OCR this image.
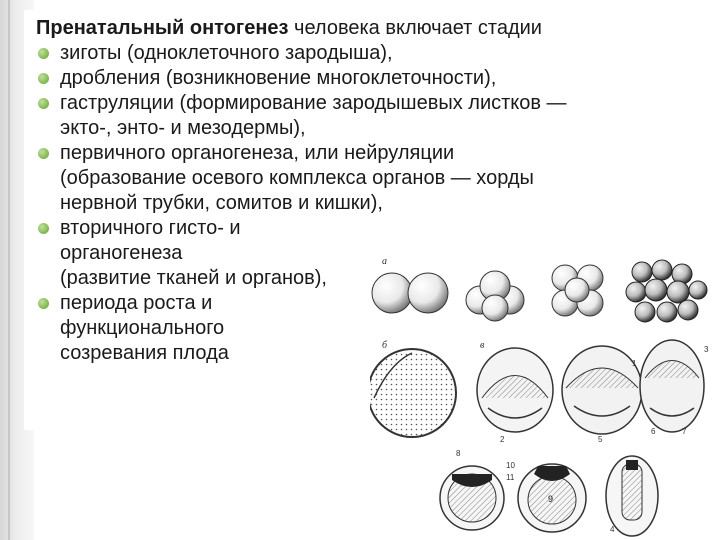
Пренатальный онтогенез человека включает стадии

зиготы (одноклеточного зародыша),
дробления (возникновение многоклеточности),
гаструляции (формирование зародышевых листков —
экто-, энто- и мезодермы),
первичного органогенеза, или нейруляции
(образование осевого комплекса органов — хорды
нервной трубки, сомитов и кишки),
вторичного гисто- и
органогенеза
(развитие тканей и органов),
периода роста и
функционального
созревания плода
а
б	в
2
1
5
3
6	7
8
9
10
11
4
